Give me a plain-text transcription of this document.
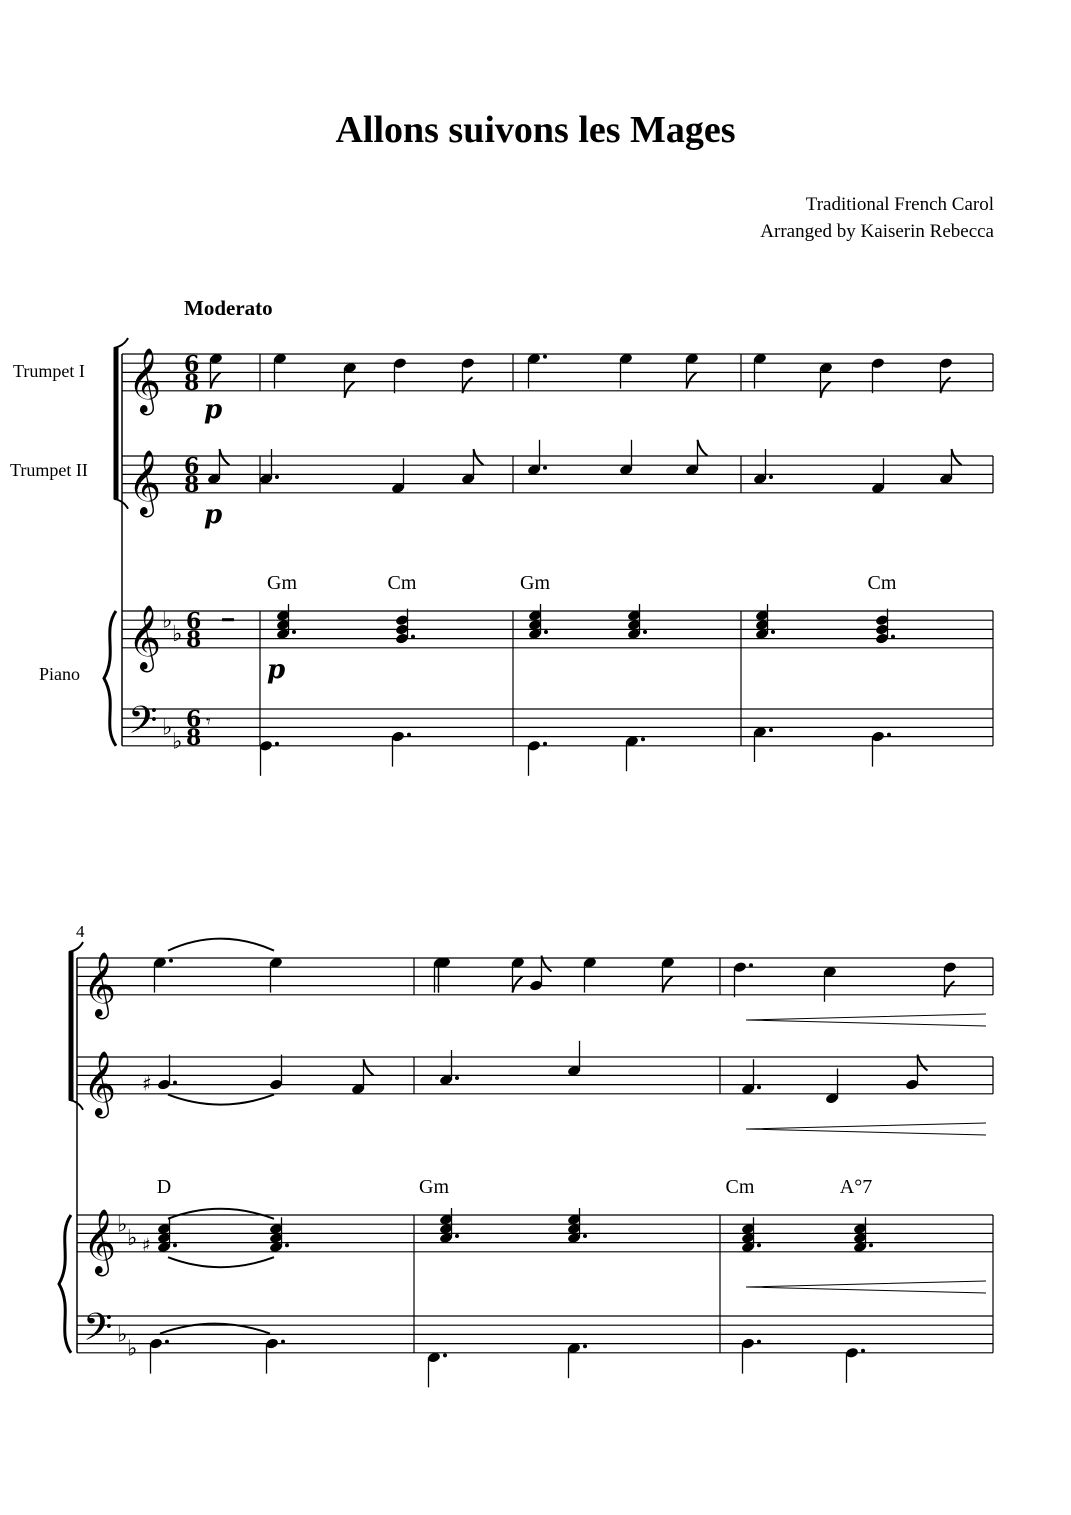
Allons suivons les Mages
Traditional French Carol
Arranged by Kaiserin Rebecca
Moderato
Trumpet I
Trumpet II
Piano
𝄞
𝄞
𝄞
𝄢
𝄞
𝄞
𝄞
𝄢
♭
♭
♭
♭
♭
♭
♭
♭
6
8
6
8
6
8
6
8
𝄾
♯
♯
p
p
p
4
Gm	Cm	Gm	Cm
D	Gm	Cm	A°7
